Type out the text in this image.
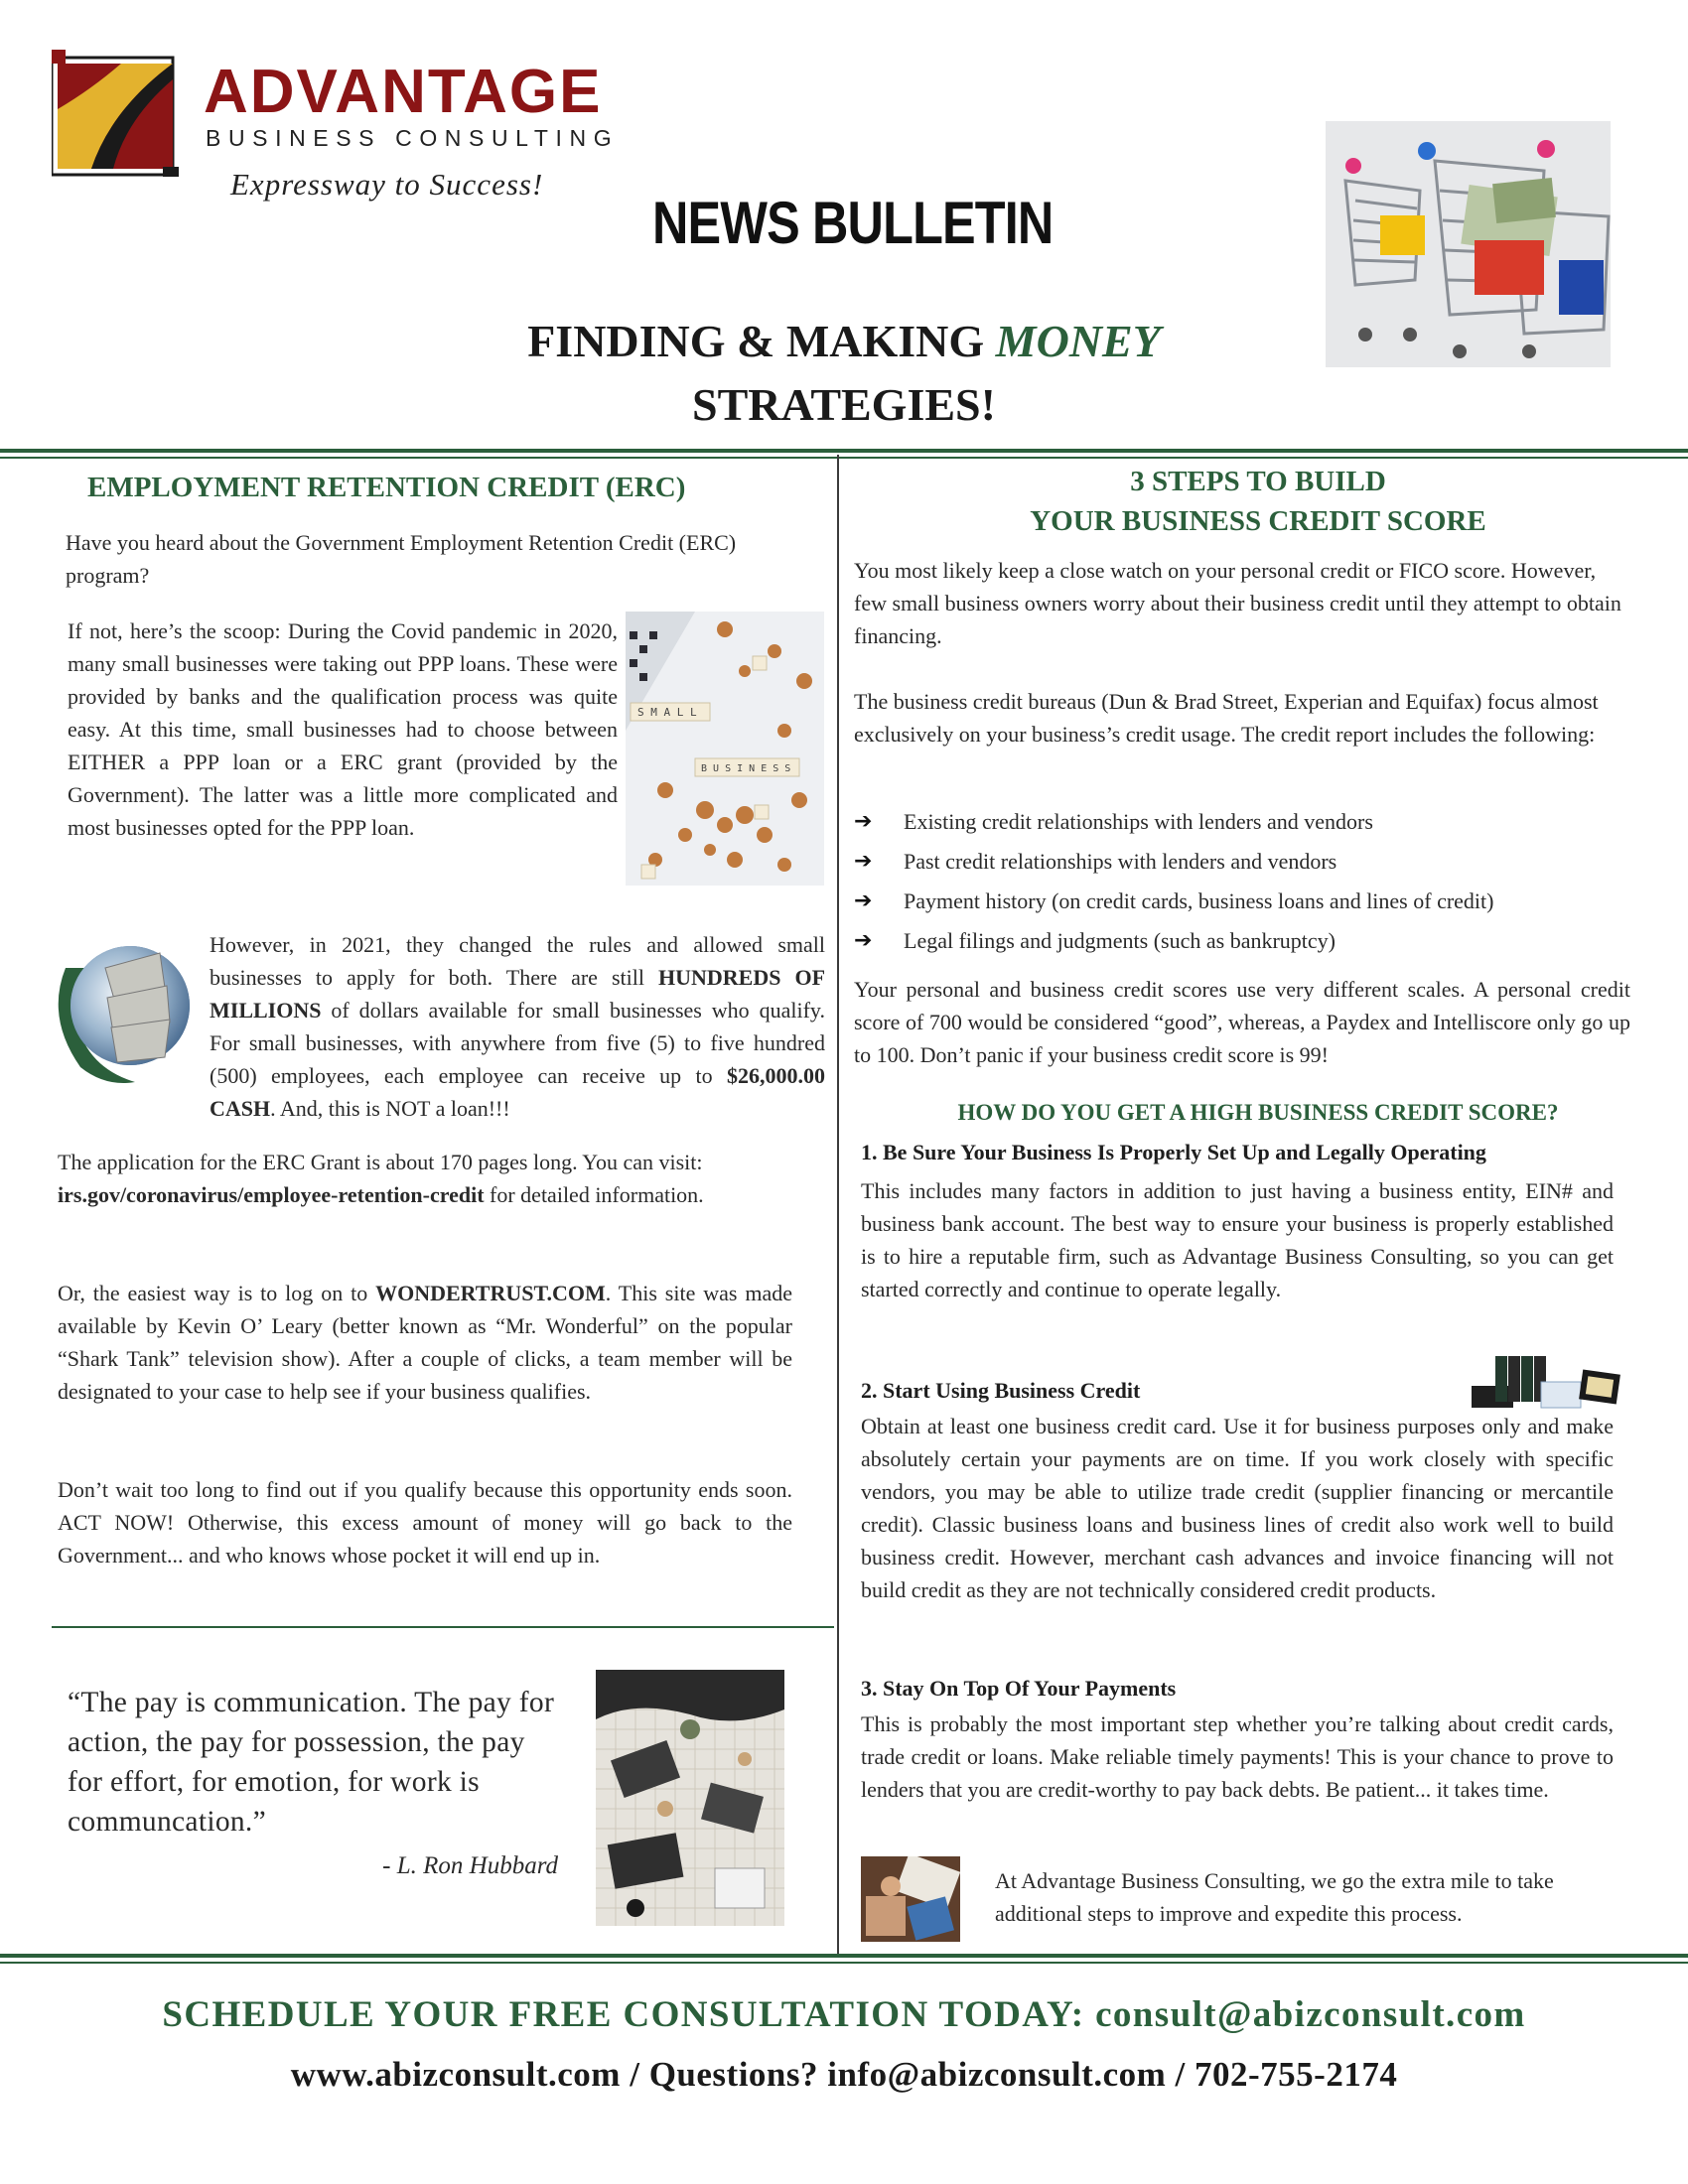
ADVANTAGE
BUSINESS CONSULTING
Expressway to Success!
NEWS BULLETIN
FINDING & MAKING MONEY
STRATEGIES!
EMPLOYMENT RETENTION CREDIT (ERC)

Have you heard about the Government Employment Retention Credit (ERC) program?

If not, here’s the scoop: During the Covid pandemic in 2020, many small businesses were taking out PPP loans. These were provided by banks and the qualification process was quite easy. At this time, small businesses had to choose between EITHER a PPP loan or a ERC grant (provided by the Government). The latter was a little more complicated and most businesses opted for the PPP loan.

S M A L L
B U S I N E S S

However, in 2021, they changed the rules and allowed small businesses to apply for both. There are still HUNDREDS OF MILLIONS of dollars available for small businesses who qualify. For small businesses, with anywhere from five (5) to five hundred (500) employees, each employee can receive up to $26,000.00 CASH. And, this is NOT a loan!!!

The application for the ERC Grant is about 170 pages long. You can visit: irs.gov/coronavirus/employee-retention-credit for detailed information.

Or, the easiest way is to log on to WONDERTRUST.COM. This site was made available by Kevin O’ Leary (better known as “Mr. Wonderful” on the popular “Shark Tank” television show). After a couple of clicks, a team member will be designated to your case to help see if your business qualifies.

Don’t wait too long to find out if you qualify because this opportunity ends soon. ACT NOW! Otherwise, this excess amount of money will go back to the Government... and who knows whose pocket it will end up in.

“The pay is communication. The pay for action, the pay for possession, the pay for effort, for emotion, for work is communcation.”

- L. Ron Hubbard
3 STEPS TO BUILD
YOUR BUSINESS CREDIT SCORE

You most likely keep a close watch on your personal credit or FICO score. However, few small business owners worry about their business credit until they attempt to obtain financing.

The business credit bureaus (Dun & Brad Street, Experian and Equifax) focus almost exclusively on your business’s credit usage. The credit report includes the following:

➔ Existing credit relationships with lenders and vendors
➔ Past credit relationships with lenders and vendors
➔ Payment history (on credit cards, business loans and lines of credit)
➔ Legal filings and judgments (such as bankruptcy)

Your personal and business credit scores use very different scales. A personal credit score of 700 would be considered “good”, whereas, a Paydex and Intelliscore only go up to 100. Don’t panic if your business credit score is 99!

HOW DO YOU GET A HIGH BUSINESS CREDIT SCORE?
1. Be Sure Your Business Is Properly Set Up and Legally Operating

This includes many factors in addition to just having a business entity, EIN# and business bank account. The best way to ensure your business is properly established is to hire a reputable firm, such as Advantage Business Consulting, so you can get started correctly and continue to operate legally.

2. Start Using Business Credit

Obtain at least one business credit card. Use it for business purposes only and make absolutely certain your payments are on time. If you work closely with specific vendors, you may be able to utilize trade credit (supplier financing or mercantile credit). Classic business loans and business lines of credit also work well to build business credit. However, merchant cash advances and invoice financing will not build credit as they are not technically considered credit products.

3. Stay On Top Of Your Payments

This is probably the most important step whether you’re talking about credit cards, trade credit or loans. Make reliable timely payments! This is your chance to prove to lenders that you are credit-worthy to pay back debts. Be patient... it takes time.

At Advantage Business Consulting, we go the extra mile to take additional steps to improve and expedite this process.

SCHEDULE YOUR FREE CONSULTATION TODAY: consult@abizconsult.com
www.abizconsult.com / Questions? info@abizconsult.com / 702-755-2174
